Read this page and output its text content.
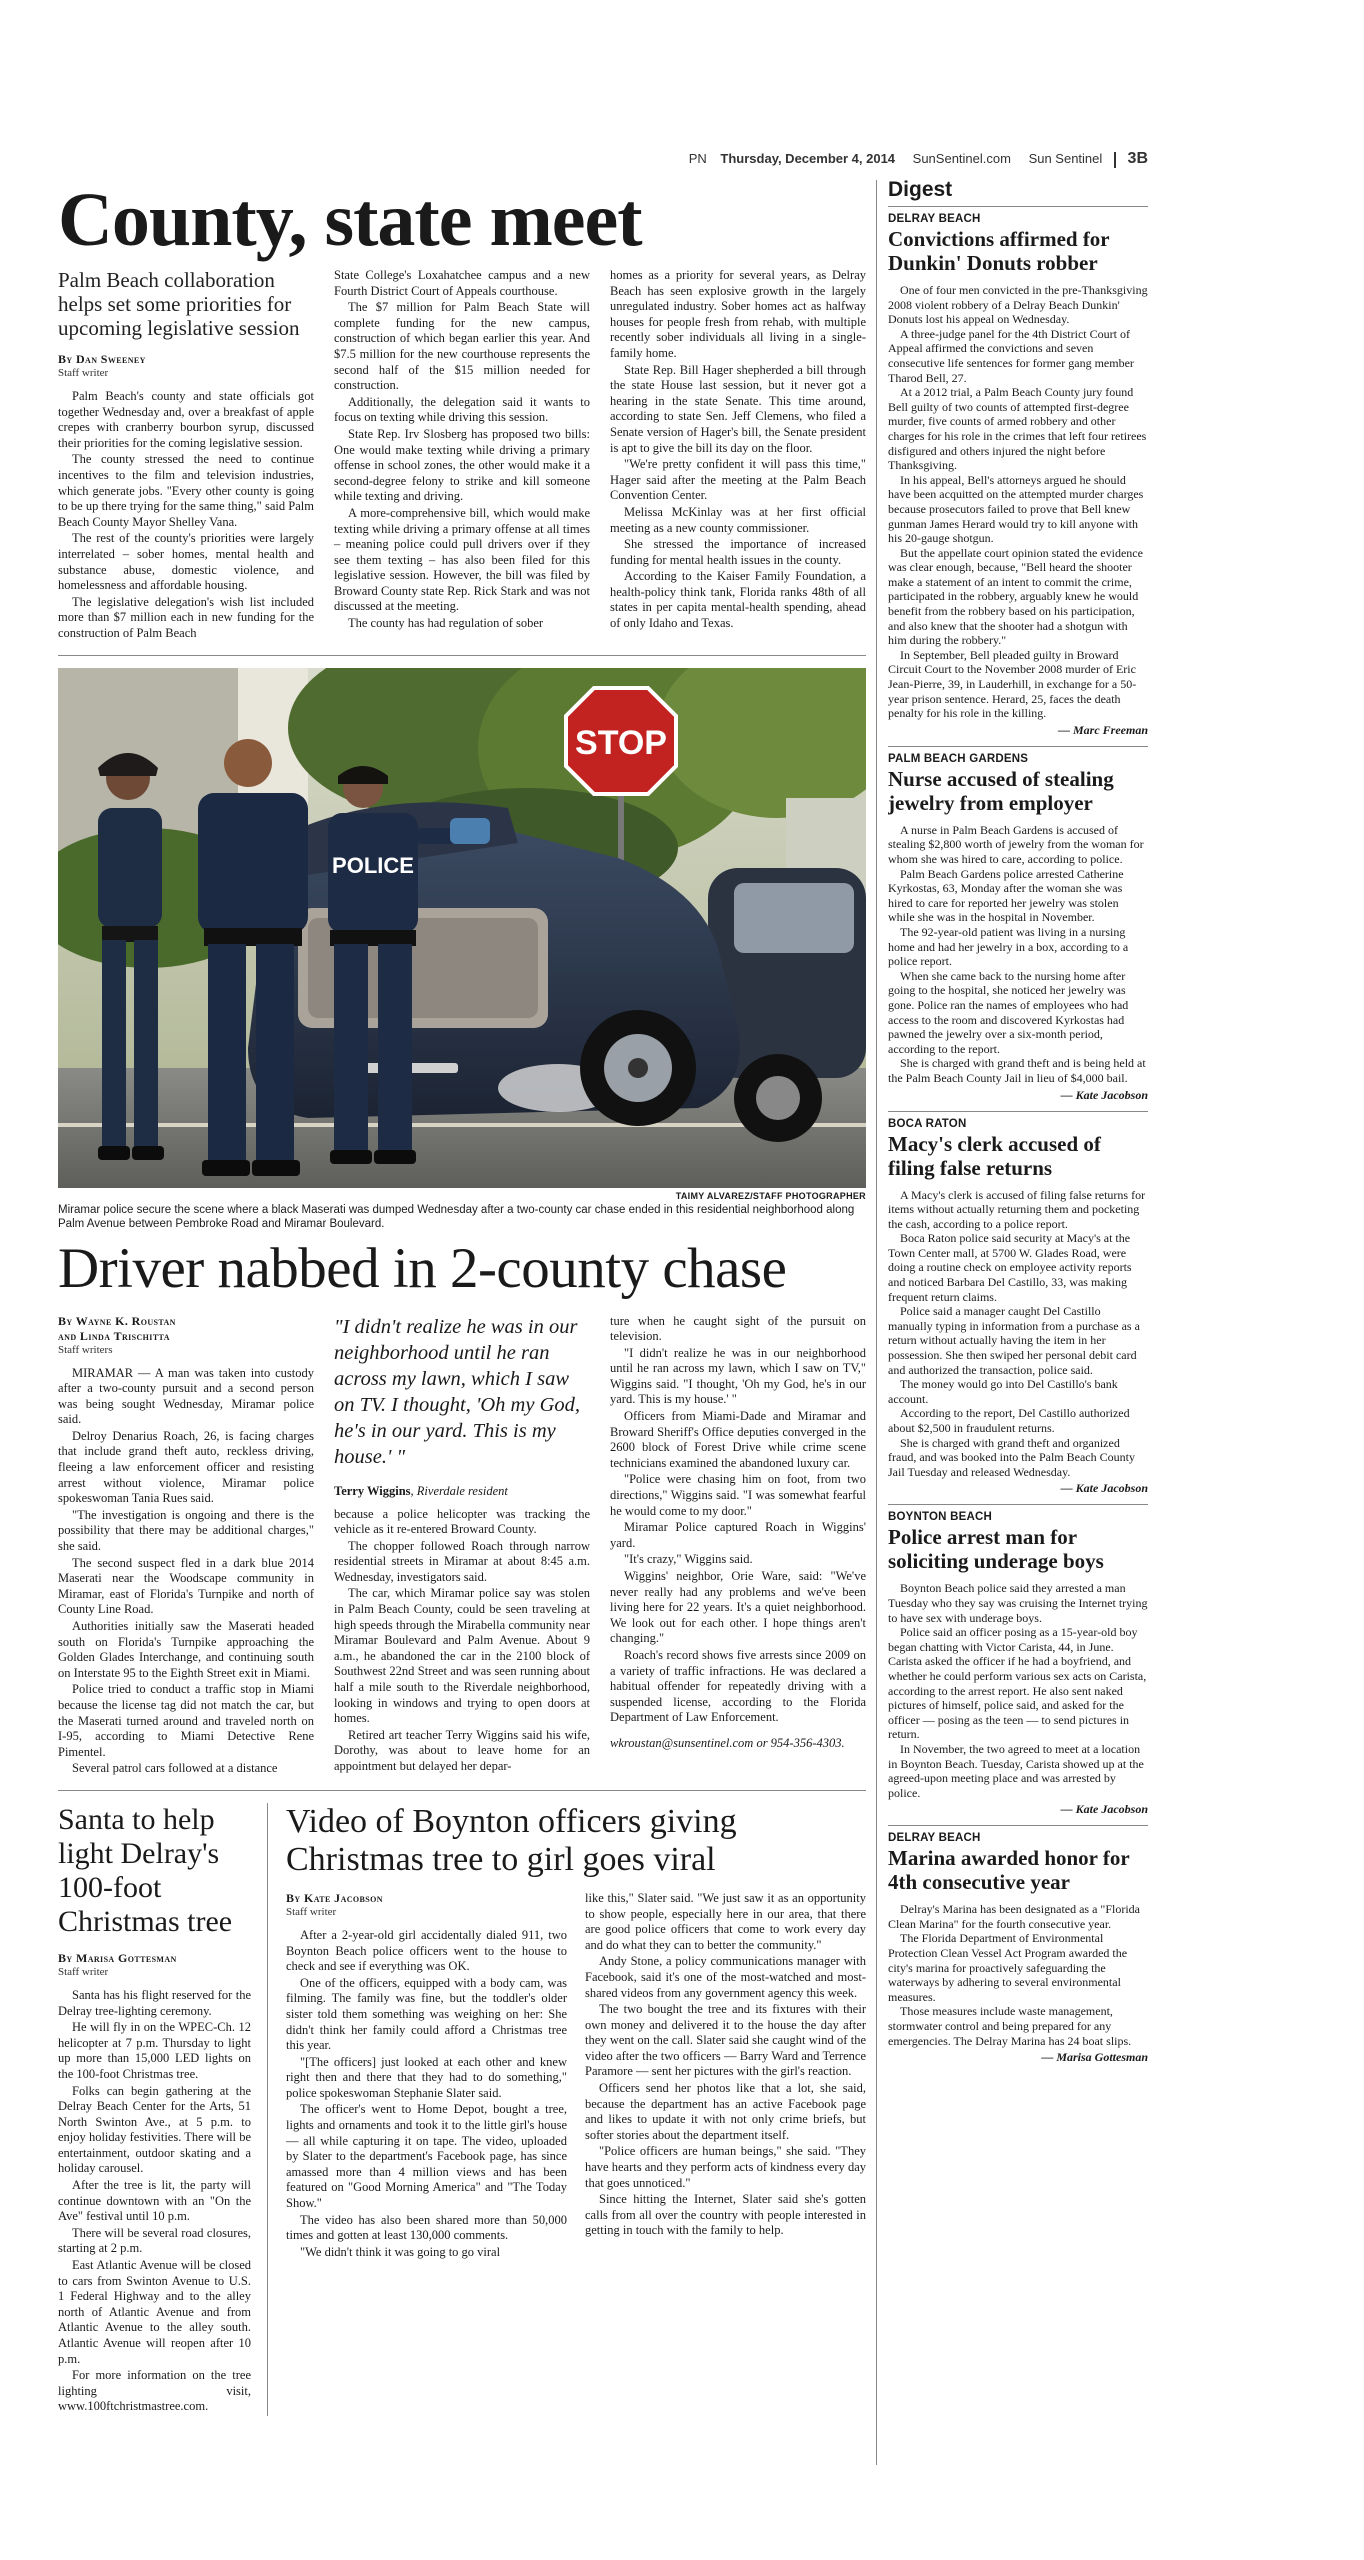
PN Thursday, December 4, 2014 SunSentinel.com Sun Sentinel 3B
County, state meet
Palm Beach collaboration helps set some priorities for upcoming legislative session
By Dan Sweeney
Staff writer

Palm Beach's county and state officials got together Wednesday and, over a breakfast of apple crepes with cranberry bourbon syrup, discussed their priorities for the coming legislative session.

The county stressed the need to continue incentives to the film and television industries, which generate jobs. "Every other county is going to be up there trying for the same thing," said Palm Beach County Mayor Shelley Vana.

The rest of the county's priorities were largely interrelated – sober homes, mental health and substance abuse, domestic violence, and homelessness and affordable housing.

The legislative delegation's wish list included more than $7 million each in new funding for the construction of Palm Beach

State College's Loxahatchee campus and a new Fourth District Court of Appeals courthouse.

The $7 million for Palm Beach State will complete funding for the new campus, construction of which began earlier this year. And $7.5 million for the new courthouse represents the second half of the $15 million needed for construction.

Additionally, the delegation said it wants to focus on texting while driving this session.

State Rep. Irv Slosberg has proposed two bills: One would make texting while driving a primary offense in school zones, the other would make it a second-degree felony to strike and kill someone while texting and driving.

A more-comprehensive bill, which would make texting while driving a primary offense at all times – meaning police could pull drivers over if they see them texting – has also been filed for this legislative session. However, the bill was filed by Broward County state Rep. Rick Stark and was not discussed at the meeting.

The county has had regulation of sober

homes as a priority for several years, as Delray Beach has seen explosive growth in the largely unregulated industry. Sober homes act as halfway houses for people fresh from rehab, with multiple recently sober individuals all living in a single-family home.

State Rep. Bill Hager shepherded a bill through the state House last session, but it never got a hearing in the state Senate. This time around, according to state Sen. Jeff Clemens, who filed a Senate version of Hager's bill, the Senate president is apt to give the bill its day on the floor.

"We're pretty confident it will pass this time," Hager said after the meeting at the Palm Beach Convention Center.

Melissa McKinlay was at her first official meeting as a new county commissioner.

She stressed the importance of increased funding for mental health issues in the county.

According to the Kaiser Family Foundation, a health-policy think tank, Florida ranks 48th of all states in per capita mental-health spending, ahead of only Idaho and Texas.

STOP
POLICE
TAIMY ALVAREZ/STAFF PHOTOGRAPHER
Miramar police secure the scene where a black Maserati was dumped Wednesday after a two-county car chase ended in this residential neighborhood along Palm Avenue between Pembroke Road and Miramar Boulevard.
Driver nabbed in 2-county chase
By Wayne K. Roustan
and Linda Trischitta
Staff writers

MIRAMAR — A man was taken into custody after a two-county pursuit and a second person was being sought Wednesday, Miramar police said.

Delroy Denarius Roach, 26, is facing charges that include grand theft auto, reckless driving, fleeing a law enforcement officer and resisting arrest without violence, Miramar police spokeswoman Tania Rues said.

"The investigation is ongoing and there is the possibility that there may be additional charges," she said.

The second suspect fled in a dark blue 2014 Maserati near the Woodscape community in Miramar, east of Florida's Turnpike and north of County Line Road.

Authorities initially saw the Maserati headed south on Florida's Turnpike approaching the Golden Glades Interchange, and continuing south on Interstate 95 to the Eighth Street exit in Miami.

Police tried to conduct a traffic stop in Miami because the license tag did not match the car, but the Maserati turned around and traveled north on I-95, according to Miami Detective Rene Pimentel.

Several patrol cars followed at a distance

"I didn't realize he was in our neighborhood until he ran across my lawn, which I saw on TV. I thought, 'Oh my God, he's in our yard. This is my house.' "
Terry Wiggins, Riverdale resident

because a police helicopter was tracking the vehicle as it re-entered Broward County.

The chopper followed Roach through narrow residential streets in Miramar at about 8:45 a.m. Wednesday, investigators said.

The car, which Miramar police say was stolen in Palm Beach County, could be seen traveling at high speeds through the Mirabella community near Miramar Boulevard and Palm Avenue. About 9 a.m., he abandoned the car in the 2100 block of Southwest 22nd Street and was seen running about half a mile south to the Riverdale neighborhood, looking in windows and trying to open doors at homes.

Retired art teacher Terry Wiggins said his wife, Dorothy, was about to leave home for an appointment but delayed her depar-

ture when he caught sight of the pursuit on television.

"I didn't realize he was in our neighborhood until he ran across my lawn, which I saw on TV," Wiggins said. "I thought, 'Oh my God, he's in our yard. This is my house.' "

Officers from Miami-Dade and Miramar and Broward Sheriff's Office deputies converged in the 2600 block of Forest Drive while crime scene technicians examined the abandoned luxury car.

"Police were chasing him on foot, from two directions," Wiggins said. "I was somewhat fearful he would come to my door."

Miramar Police captured Roach in Wiggins' yard.

"It's crazy," Wiggins said.

Wiggins' neighbor, Orie Ware, said: "We've never really had any problems and we've been living here for 22 years. It's a quiet neighborhood. We look out for each other. I hope things aren't changing."

Roach's record shows five arrests since 2009 on a variety of traffic infractions. He was declared a habitual offender for repeatedly driving with a suspended license, according to the Florida Department of Law Enforcement.

wkroustan@sunsentinel.com or 954-356-4303.

Santa to help light Delray's 100-foot Christmas tree
By Marisa Gottesman
Staff writer

Santa has his flight reserved for the Delray tree-lighting ceremony.

He will fly in on the WPEC-Ch. 12 helicopter at 7 p.m. Thursday to light up more than 15,000 LED lights on the 100-foot Christmas tree.

Folks can begin gathering at the Delray Beach Center for the Arts, 51 North Swinton Ave., at 5 p.m. to enjoy holiday festivities. There will be entertainment, outdoor skating and a holiday carousel.

After the tree is lit, the party will continue downtown with an "On the Ave" festival until 10 p.m.

There will be several road closures, starting at 2 p.m.

East Atlantic Avenue will be closed to cars from Swinton Avenue to U.S. 1 Federal Highway and to the alley north of Atlantic Avenue and from Atlantic Avenue to the alley south. Atlantic Avenue will reopen after 10 p.m.

For more information on the tree lighting visit, www.100ftchristmastree.com.

Video of Boynton officers giving Christmas tree to girl goes viral
By Kate Jacobson
Staff writer

After a 2-year-old girl accidentally dialed 911, two Boynton Beach police officers went to the house to check and see if everything was OK.

One of the officers, equipped with a body cam, was filming. The family was fine, but the toddler's older sister told them something was weighing on her: She didn't think her family could afford a Christmas tree this year.

"[The officers] just looked at each other and knew right then and there that they had to do something," police spokeswoman Stephanie Slater said.

The officer's went to Home Depot, bought a tree, lights and ornaments and took it to the little girl's house — all while capturing it on tape. The video, uploaded by Slater to the department's Facebook page, has since amassed more than 4 million views and has been featured on "Good Morning America" and "The Today Show."

The video has also been shared more than 50,000 times and gotten at least 130,000 comments.

"We didn't think it was going to go viral

like this," Slater said. "We just saw it as an opportunity to show people, especially here in our area, that there are good police officers that come to work every day and do what they can to better the community."

Andy Stone, a policy communications manager with Facebook, said it's one of the most-watched and most-shared videos from any government agency this week.

The two bought the tree and its fixtures with their own money and delivered it to the house the day after they went on the call. Slater said she caught wind of the video after the two officers — Barry Ward and Terrence Paramore — sent her pictures with the girl's reaction.

Officers send her photos like that a lot, she said, because the department has an active Facebook page and likes to update it with not only crime briefs, but softer stories about the department itself.

"Police officers are human beings," she said. "They have hearts and they perform acts of kindness every day that goes unnoticed."

Since hitting the Internet, Slater said she's gotten calls from all over the country with people interested in getting in touch with the family to help.

Digest
DELRAY BEACH
Convictions affirmed for Dunkin' Donuts robber

One of four men convicted in the pre-Thanksgiving 2008 violent robbery of a Delray Beach Dunkin' Donuts lost his appeal on Wednesday.

A three-judge panel for the 4th District Court of Appeal affirmed the convictions and seven consecutive life sentences for former gang member Tharod Bell, 27.

At a 2012 trial, a Palm Beach County jury found Bell guilty of two counts of attempted first-degree murder, five counts of armed robbery and other charges for his role in the crimes that left four retirees disfigured and others injured the night before Thanksgiving.

In his appeal, Bell's attorneys argued he should have been acquitted on the attempted murder charges because prosecutors failed to prove that Bell knew gunman James Herard would try to kill anyone with his 20-gauge shotgun.

But the appellate court opinion stated the evidence was clear enough, because, "Bell heard the shooter make a statement of an intent to commit the crime, participated in the robbery, arguably knew he would benefit from the robbery based on his participation, and also knew that the shooter had a shotgun with him during the robbery."

In September, Bell pleaded guilty in Broward Circuit Court to the November 2008 murder of Eric Jean-Pierre, 39, in Lauderhill, in exchange for a 50-year prison sentence. Herard, 25, faces the death penalty for his role in the killing.

— Marc Freeman
PALM BEACH GARDENS
Nurse accused of stealing jewelry from employer

A nurse in Palm Beach Gardens is accused of stealing $2,800 worth of jewelry from the woman for whom she was hired to care, according to police.

Palm Beach Gardens police arrested Catherine Kyrkostas, 63, Monday after the woman she was hired to care for reported her jewelry was stolen while she was in the hospital in November.

The 92-year-old patient was living in a nursing home and had her jewelry in a box, according to a police report.

When she came back to the nursing home after going to the hospital, she noticed her jewelry was gone. Police ran the names of employees who had access to the room and discovered Kyrkostas had pawned the jewelry over a six-month period, according to the report.

She is charged with grand theft and is being held at the Palm Beach County Jail in lieu of $4,000 bail.

— Kate Jacobson
BOCA RATON
Macy's clerk accused of filing false returns

A Macy's clerk is accused of filing false returns for items without actually returning them and pocketing the cash, according to a police report.

Boca Raton police said security at Macy's at the Town Center mall, at 5700 W. Glades Road, were doing a routine check on employee activity reports and noticed Barbara Del Castillo, 33, was making frequent return claims.

Police said a manager caught Del Castillo manually typing in information from a purchase as a return without actually having the item in her possession. She then swiped her personal debit card and authorized the transaction, police said.

The money would go into Del Castillo's bank account.

According to the report, Del Castillo authorized about $2,500 in fraudulent returns.

She is charged with grand theft and organized fraud, and was booked into the Palm Beach County Jail Tuesday and released Wednesday.

— Kate Jacobson
BOYNTON BEACH
Police arrest man for soliciting underage boys

Boynton Beach police said they arrested a man Tuesday who they say was cruising the Internet trying to have sex with underage boys.

Police said an officer posing as a 15-year-old boy began chatting with Victor Carista, 44, in June. Carista asked the officer if he had a boyfriend, and whether he could perform various sex acts on Carista, according to the arrest report. He also sent naked pictures of himself, police said, and asked for the officer — posing as the teen — to send pictures in return.

In November, the two agreed to meet at a location in Boynton Beach. Tuesday, Carista showed up at the agreed-upon meeting place and was arrested by police.

— Kate Jacobson
DELRAY BEACH
Marina awarded honor for 4th consecutive year

Delray's Marina has been designated as a "Florida Clean Marina" for the fourth consecutive year.

The Florida Department of Environmental Protection Clean Vessel Act Program awarded the city's marina for proactively safeguarding the waterways by adhering to several environmental measures.

Those measures include waste management, stormwater control and being prepared for any emergencies. The Delray Marina has 24 boat slips.

— Marisa Gottesman
